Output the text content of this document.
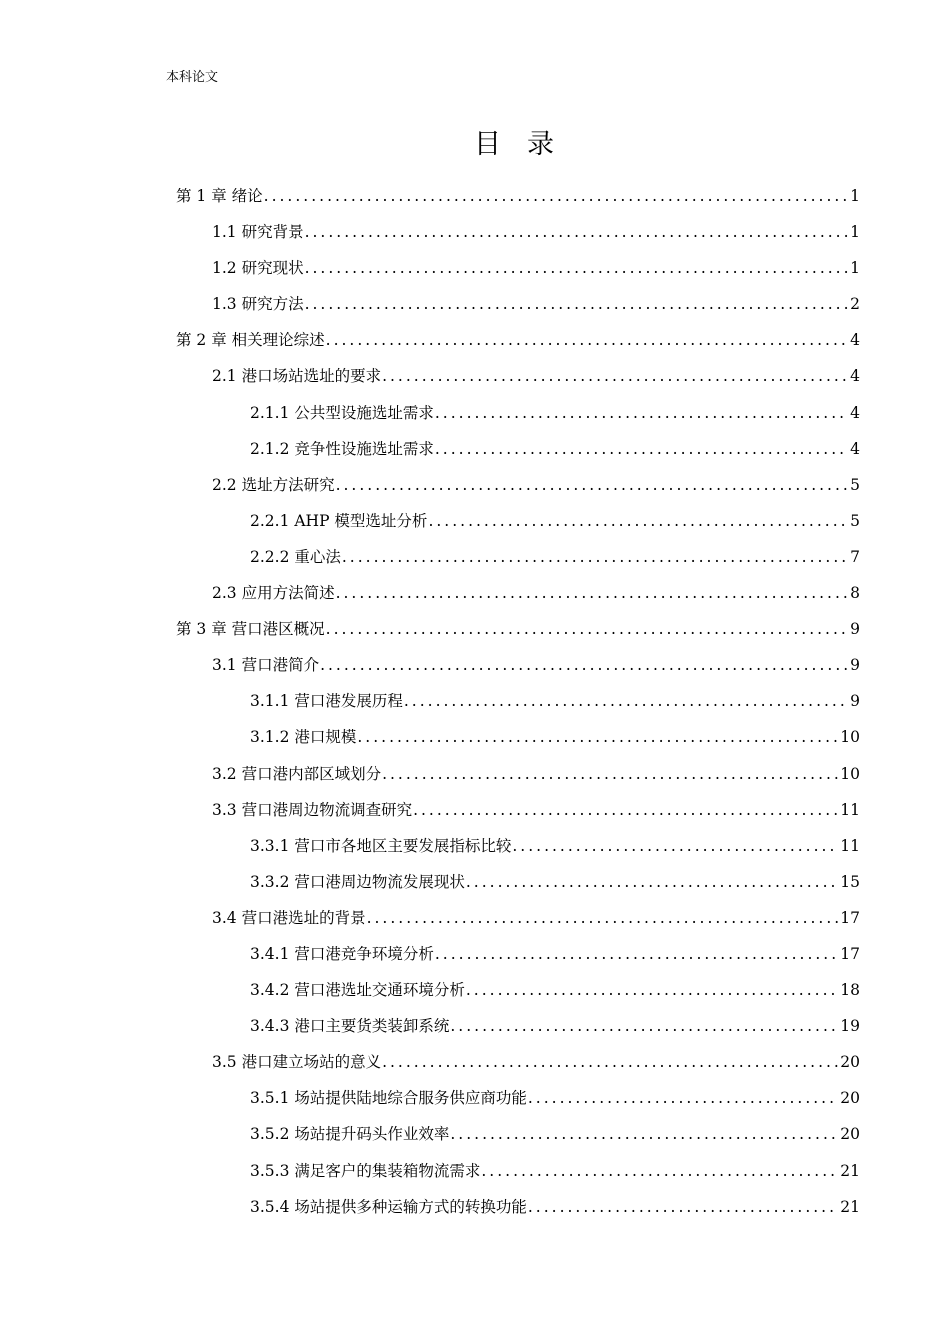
本科论文
目录
第 1 章 绪论 .....	1
1.1 研究背景 .....	1
1.2 研究现状 .....	1
1.3 研究方法 .....	2
第 2 章 相关理论综述 .....	4
2.1 港口场站选址的要求 .....	4
2.1.1 公共型设施选址需求 .....	4
2.1.2 竞争性设施选址需求 .....	4
2.2 选址方法研究 .....	5
2.2.1 AHP 模型选址分析 .....	5
2.2.2 重心法 .....	7
2.3 应用方法简述 .....	8
第 3 章 营口港区概况 .....	9
3.1 营口港简介 .....	9
3.1.1 营口港发展历程 .....	9
3.1.2 港口规模 .....	10
3.2 营口港内部区域划分 .....	10
3.3 营口港周边物流调查研究 .....	11
3.3.1 营口市各地区主要发展指标比较 .....	11
3.3.2 营口港周边物流发展现状 .....	15
3.4 营口港选址的背景 .....	17
3.4.1 营口港竞争环境分析 .....	17
3.4.2 营口港选址交通环境分析 .....	18
3.4.3 港口主要货类装卸系统 .....	19
3.5 港口建立场站的意义 .....	20
3.5.1 场站提供陆地综合服务供应商功能 .....	20
3.5.2 场站提升码头作业效率 .....	20
3.5.3 满足客户的集装箱物流需求 .....	21
3.5.4 场站提供多种运输方式的转换功能 .....	21
